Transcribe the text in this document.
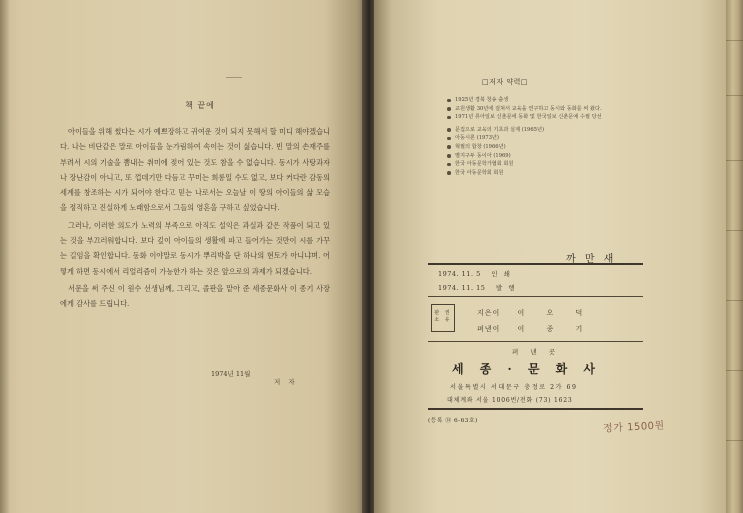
책 끝에

아이들을 위해 썼다는 시가 예쁘장하고 귀여운 것이 되지 못해서 할 미디 해야겠습니다. 나는 비단같은 말로 아이들을 눈가림하여 속이는 것이 싫습니다. 빈 말의 손재주를 부려서 시의 기술을 뽐내는 취미에 젖어 있는 것도 참을 수 없습니다. 동시가 사탕과자나 장난감이 아니고, 또 껍데기만 다듬고 꾸미는 희롱일 수도 없고, 보다 커다란 감동의 세계를 창조하는 시가 되어야 한다고 믿는 나로서는 오늘날 이 땅의 아이들의 삶 모습을 정직하고 진실하게 노래함으로서 그들의 영혼을 구하고 싶었습니다.

그러나, 이러한 의도가 노력의 부족으로 아직도 설익은 과실과 같은 작품이 되고 있는 것을 부끄러워합니다. 보다 깊이 아이들의 생활에 파고 들어가는 것만이 시를 가꾸는 길임을 확인합니다. 동화 이야말로 동시가 뿌리박을 단 하나의 현토가 아니냐며. 어떻게 하면 동시에서 리얼리즘이 가능한가 하는 것은 앞으로의 과제가 되겠습니다.

서문을 써 주신 이 원수 선생님께, 그리고, 졸판을 맡아 준 세종문화사 이 종기 사장에게 감사를 드립니다.

1974년 11월
저 자
□저자 약력□
1925년 경북 청송 출생
교원생활 30년에 걸쳐서 교육을 연구하고 동시와 동화를 써 왔다.
1971년 류아일보 신춘문에 동화 및 한국일보 신춘문예 수필 당선
문집으로 교육의 기초과 실제 (1965년)
아동시론 (1973년)
혁필의 합창 (1966년)
별지구두 동이아 (1969)
한국 아동문학가협회 회원
한국 아동문학회 회원
까 만 새
1974. 11. 5 인 쇄
1974. 11. 15 발 행
판 권
소 유
지은이 이 오 덕
펴낸이 이 종 기
펴 낸 곳
세 종 · 문 화 사
서울특별시 서대문구 충정로 2가 69
대체계좌 서울 1006번/전화 (73) 1623
(등록 ⑭ 6-63호)	정가 1500원
